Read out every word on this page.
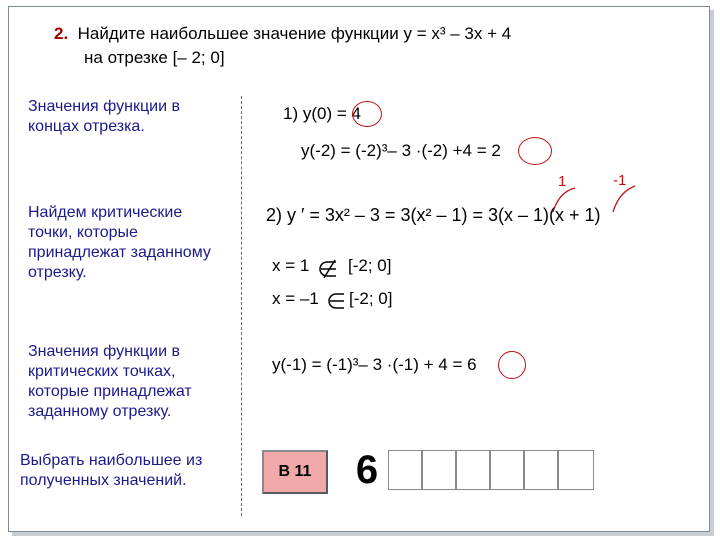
2. Найдите наибольшее значение функции y = x³ – 3x + 4
на отрезке [– 2; 0]
Значения функции в концах отрезка.
Найдем критические точки, которые принадлежат заданному отрезку.
Значения функции в критических точках, которые принадлежат заданному отрезку.
Выбрать наибольшее из полученных значений.
1) y(0) = 4
y(-2) = (-2)³– 3 ·(-2) +4 = 2
1	-1
2) y ′ = 3x² – 3 = 3(x² – 1) = 3(x – 1)(x + 1)
x = 1 [-2; 0]
x = –1 [-2; 0]
y(-1) = (-1)³– 3 ·(-1) + 4 = 6
В 11	6
